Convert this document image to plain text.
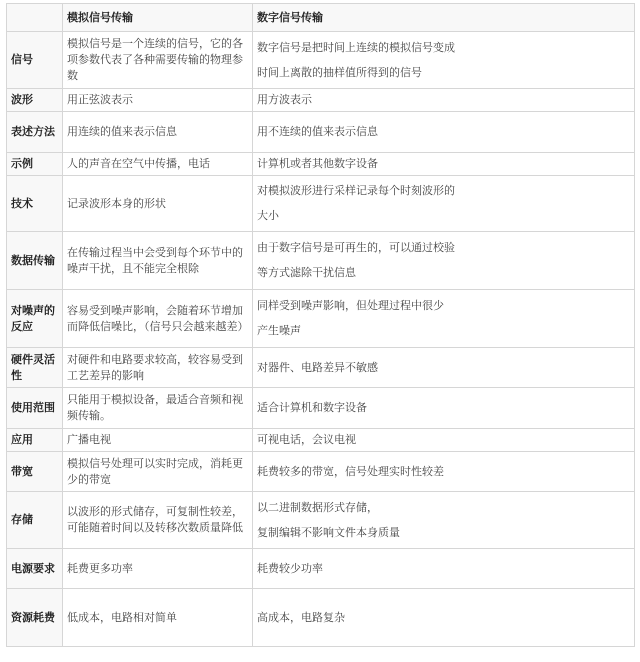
	模拟信号传输	数字信号传输
信号	模拟信号是一个连续的信号，它的各项参数代表了各种需要传输的物理参数	数字信号是把时间上连续的模拟信号变成
时间上离散的抽样值所得到的信号
波形	用正弦波表示	用方波表示
表述方法	用连续的值来表示信息	用不连续的值来表示信息
示例	人的声音在空气中传播，电话	计算机或者其他数字设备
技术	记录波形本身的形状	对模拟波形进行采样记录每个时刻波形的
大小
数据传输	在传输过程当中会受到每个环节中的噪声干扰，且不能完全根除	由于数字信号是可再生的，可以通过校验
等方式滤除干扰信息
对噪声的反应	容易受到噪声影响，会随着环节增加而降低信噪比，（信号只会越来越差）	同样受到噪声影响，但处理过程中很少
产生噪声
硬件灵活性	对硬件和电路要求较高，较容易受到工艺差异的影响	对器件、电路差异不敏感
使用范围	只能用于模拟设备，最适合音频和视频传输。	适合计算机和数字设备
应用	广播电视	可视电话，会议电视
带宽	模拟信号处理可以实时完成，消耗更少的带宽	耗费较多的带宽，信号处理实时性较差
存储	以波形的形式储存，可复制性较差，可能随着时间以及转移次数质量降低	以二进制数据形式存储，
复制编辑不影响文件本身质量
电源要求	耗费更多功率	耗费较少功率
资源耗费	低成本，电路相对简单	高成本，电路复杂
